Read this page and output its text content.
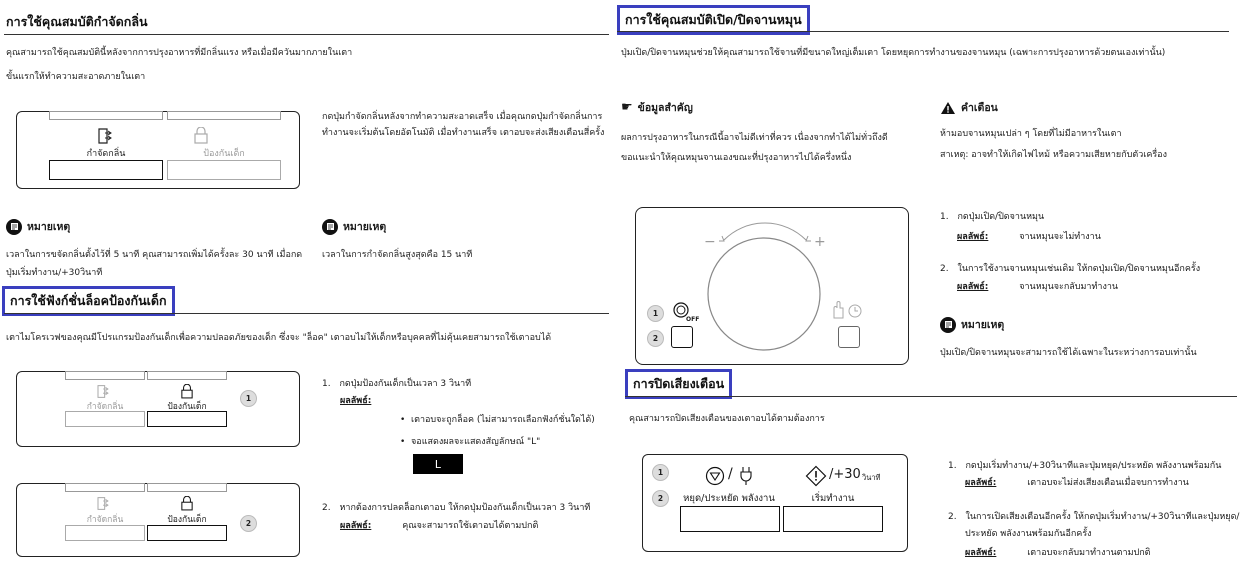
การใช้คุณสมบัติกำจัดกลิ่น
คุณสามารถใช้คุณสมบัตินี้หลังจากการปรุงอาหารที่มีกลิ่นแรง หรือเมื่อมีควันมากภายในเตา
ขั้นแรกให้ทำความสะอาดภายในเตา
กำจัดกลิ่น	ป้องกันเด็ก
กดปุ่มกำจัดกลิ่นหลังจากทำความสะอาดเสร็จ เมื่อคุณกดปุ่มกำจัดกลิ่นการ
ทำงานจะเริ่มต้นโดยอัตโนมัติ เมื่อทำงานเสร็จ เตาอบจะส่งเสียงเตือนสี่ครั้ง
หมายเหตุ
เวลาในการขจัดกลิ่นตั้งไว้ที่ 5 นาที คุณสามารถเพิ่มได้ครั้งละ 30 นาที เมื่อกด
ปุ่มเริ่มทำงาน/+30วินาที
หมายเหตุ
เวลาในการกำจัดกลิ่นสูงสุดคือ 15 นาที
การใช้ฟังก์ชั่นล็อคป้องกันเด็ก
เตาไมโครเวฟของคุณมีโปรแกรมป้องกันเด็กเพื่อความปลอดภัยของเด็ก ซึ่งจะ "ล็อค" เตาอบไม่ให้เด็กหรือบุคคลที่ไม่คุ้นเคยสามารถใช้เตาอบได้
กำจัดกลิ่น	ป้องกันเด็ก
1
1. กดปุ่มป้องกันเด็กเป็นเวลา 3 วินาที
ผลลัพธ์:
•  เตาอบจะถูกล็อค (ไม่สามารถเลือกฟังก์ชั่นใดได้)
•  จอแสดงผลจะแสดงสัญลักษณ์ "L"
L
กำจัดกลิ่น	ป้องกันเด็ก	2
2. หากต้องการปลดล็อกเตาอบ ให้กดปุ่มป้องกันเด็กเป็นเวลา 3 วินาที
ผลลัพธ์:	คุณจะสามารถใช้เตาอบได้ตามปกติ
การใช้คุณสมบัติเปิด/ปิดจานหมุน
ปุ่มเปิด/ปิดจานหมุนช่วยให้คุณสามารถใช้จานที่มีขนาดใหญ่เต็มเตา โดยหยุดการทำงานของจานหมุน (เฉพาะการปรุงอาหารด้วยตนเองเท่านั้น)
☛ ข้อมูลสำคัญ
ผลการปรุงอาหารในกรณีนี้อาจไม่ดีเท่าที่ควร เนื่องจากทำได้ไม่ทั่วถึงดี
ขอแนะนำให้คุณหมุนจานเองขณะที่ปรุงอาหารไปได้ครึ่งหนึ่ง
คำเตือน
ห้ามอบจานหมุนเปล่า ๆ โดยที่ไม่มีอาหารในเตา
สาเหตุ: อาจทำให้เกิดไฟไหม้ หรือความเสียหายกับตัวเครื่อง
−	+
1
2
OFF
1. กดปุ่มเปิด/ปิดจานหมุน
ผลลัพธ์:	จานหมุนจะไม่ทำงาน
2. ในการใช้งานจานหมุนเช่นเดิม ให้กดปุ่มเปิด/ปิดจานหมุนอีกครั้ง
ผลลัพธ์:	จานหมุนจะกลับมาทำงาน
หมายเหตุ
ปุ่มเปิด/ปิดจานหมุนจะสามารถใช้ได้เฉพาะในระหว่างการอบเท่านั้น
การปิดเสียงเตือน
คุณสามารถปิดเสียงเตือนของเตาอบได้ตามต้องการ
1
2
/	/+30 วินาที
หยุด/ประหยัด พลังงาน	เริ่มทำงาน
1. กดปุ่มเริ่มทำงาน/+30วินาทีและปุ่มหยุด/ประหยัด พลังงานพร้อมกัน
ผลลัพธ์:	เตาอบจะไม่ส่งเสียงเตือนเมื่อจบการทำงาน
2. ในการเปิดเสียงเตือนอีกครั้ง ให้กดปุ่มเริ่มทำงาน/+30วินาทีและปุ่มหยุด/
ประหยัด พลังงานพร้อมกันอีกครั้ง
ผลลัพธ์:	เตาอบจะกลับมาทำงานตามปกติ
